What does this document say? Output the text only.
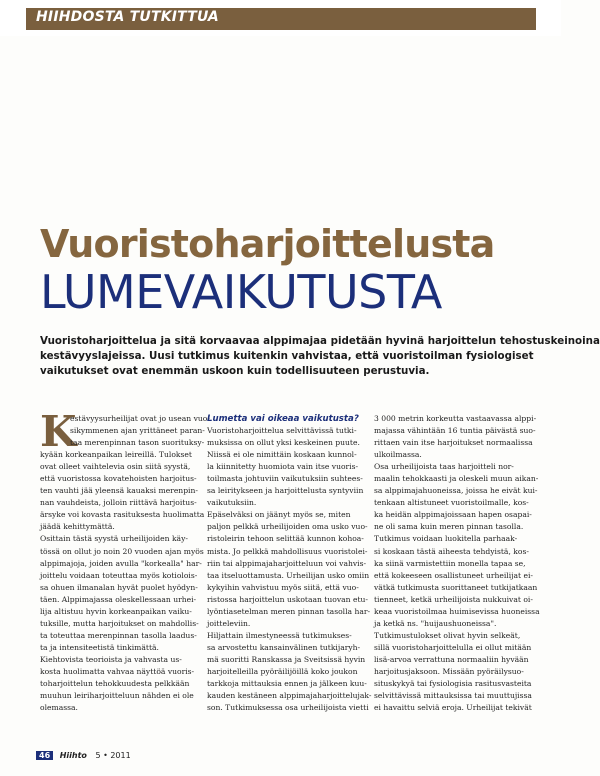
HIIHDOSTA TUTKITTUA
Vuoristoharjoittelusta
LUMEVAIKUTUSTA
Vuoristoharjoittelua ja sitä korvaavaa alppimajaa pidetään hyvinä harjoittelun tehostuskeinoina
kestävyyslajeissa. Uusi tutkimus kuitenkin vahvistaa, että vuoristoilman fysiologiset
vaikutukset ovat enemmän uskoon kuin todellisuuteen perustuvia.
K
estävyysurheilijat ovat jo usean vuo-
sikymmenen ajan yrittäneet paran-
taa merenpinnan tason suorituksy-
kyään korkeanpaikan leireillä. Tulokset
ovat olleet vaihtelevia osin siitä syystä,
että vuoristossa kovatehoisten harjoitus-
ten vauhti jää yleensä kauaksi merenpin-
nan vauhdeista, jolloin riittävä harjoitus-
ärsyke voi kovasta rasituksesta huolimatta
jäädä kehittymättä.
Osittain tästä syystä urheilijoiden käy-
tössä on ollut jo noin 20 vuoden ajan myös
alppimajoja, joiden avulla "korkealla" har-
joittelu voidaan toteuttaa myös kotiolois-
sa ohuen ilmanalan hyvät puolet hyödyn-
täen. Alppimajassa oleskellessaan urhei-
lija altistuu hyvin korkeanpaikan vaiku-
tuksille, mutta harjoitukset on mahdollis-
ta toteuttaa merenpinnan tasolla laadus-
ta ja intensiteetistä tinkimättä.
Kiehtovista teorioista ja vahvasta us-
kosta huolimatta vahvaa näyttöä vuoris-
toharjoittelun tehokkuudesta pelkkään
muuhun leiriharjoitteluun nähden ei ole
olemassa.
Lumetta vai oikeaa vaikutusta?
Vuoristoharjoittelua selvittävissä tutki-
muksissa on ollut yksi keskeinen puute.
Niissä ei ole nimittäin koskaan kunnol-
la kiinnitetty huomiota vain itse vuoris-
toilmasta johtuviin vaikutuksiin suhtees-
sa leiritykseen ja harjoittelusta syntyviin
vaikutuksiin.
Epäselväksi on jäänyt myös se, miten
paljon pelkkä urheilijoiden oma usko vuo-
ristoleirin tehoon selittää kunnon kohoa-
mista. Jo pelkkä mahdollisuus vuoristolei-
riin tai alppimajaharjoitteluun voi vahvis-
taa itseluottamusta. Urheilijan usko omiin
kykyihin vahvistuu myös siitä, että vuo-
ristossa harjoittelun uskotaan tuovan etu-
lyöntiasetelman meren pinnan tasolla har-
joitteleviin.
Hiljattain ilmestyneessä tutkimukses-
sa arvostettu kansainvälinen tutkijaryh-
mä suoritti Ranskassa ja Sveitsissä hyvin
harjoitelleilla pyöräilijöillä koko joukon
tarkkoja mittauksia ennen ja jälkeen kuu-
kauden kestäneen alppimajaharjoittelujak-
son. Tutkimuksessa osa urheilijoista vietti
3 000 metrin korkeutta vastaavassa alppi-
majassa vähintään 16 tuntia päivästä suo-
rittaen vain itse harjoitukset normaalissa
ulkoilmassa.
Osa urheilijoista taas harjoitteli nor-
maalin tehokkaasti ja oleskeli muun aikan-
sa alppimajahuoneissa, joissa he eivät kui-
tenkaan altistuneet vuoristoilmalle, kos-
ka heidän alppimajoissaan hapen osapai-
ne oli sama kuin meren pinnan tasolla.
Tutkimus voidaan luokitella parhaak-
si koskaan tästä aiheesta tehdyistä, kos-
ka siinä varmistettiin monella tapaa se,
että kokeeseen osallistuneet urheilijat ei-
vätkä tutkimusta suorittaneet tutkijatkaan
tienneet, ketkä urheilijoista nukkuivat oi-
keaa vuoristoilmaa huimisevissa huoneissa
ja ketkä ns. "huijaushuoneissa".
Tutkimustulokset olivat hyvin selkeät,
sillä vuoristoharjoittelulla ei ollut mitään
lisä-arvoa verrattuna normaaliin hyvään
harjoitusjaksoon. Missään pyöräilysuo-
situskykyä tai fysiologisia rasitusvasteita
selvittävissä mittauksissa tai muuttujissa
ei havaittu selviä eroja. Urheilijat tekivät
46 Hiihto 5 • 2011
